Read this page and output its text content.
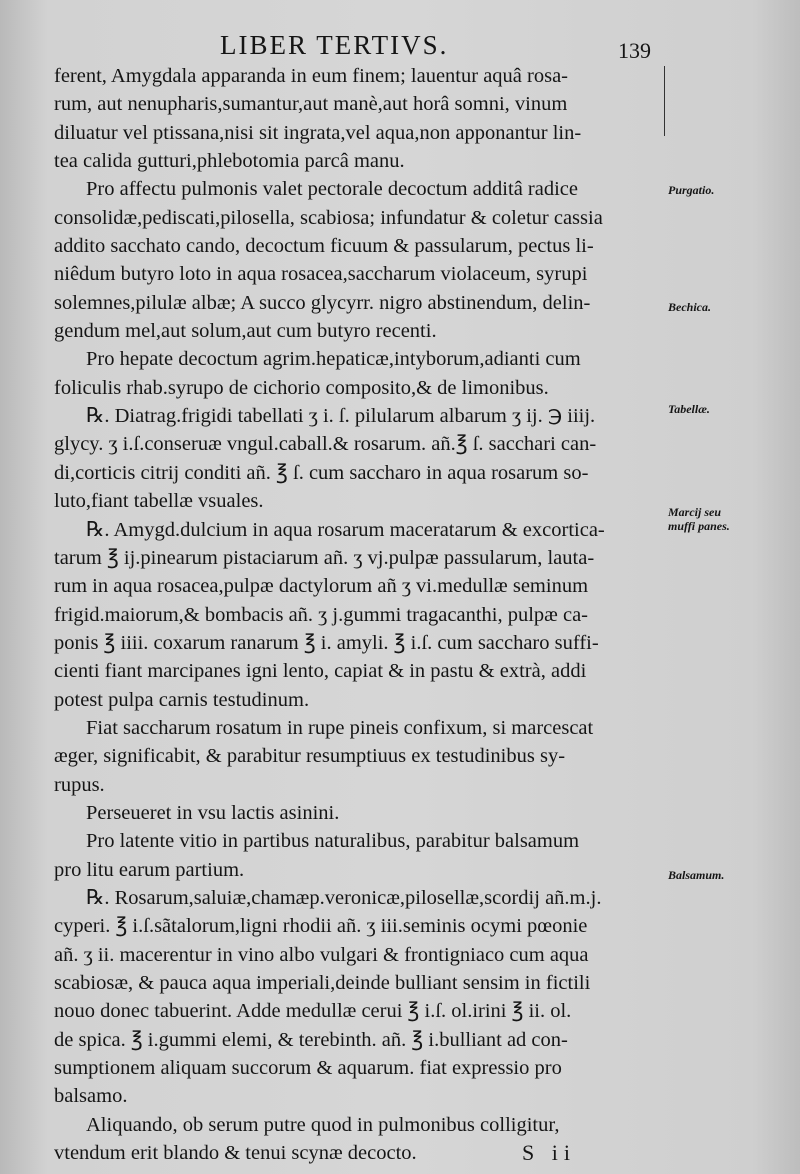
LIBER TERTIVS.	139
ferent, Amygdala apparanda in eum finem; lauentur aquâ rosa-
rum, aut nenupharis,sumantur,aut manè,aut horâ somni, vinum
diluatur vel ptissana,nisi sit ingrata,vel aqua,non apponantur lin-
tea calida gutturi,phlebotomia parcâ manu.
Pro affectu pulmonis valet pectorale decoctum additâ radice
consolidæ,pediscati,pilosella, scabiosa; infundatur & coletur cassia
addito sacchato cando, decoctum ficuum & passularum, pectus li-
niêdum butyro loto in aqua rosacea,saccharum violaceum, syrupi
solemnes,pilulæ albæ; A succo glycyrr. nigro abstinendum, delin-
gendum mel,aut solum,aut cum butyro recenti.
Pro hepate decoctum agrim.hepaticæ,intyborum,adianti cum
foliculis rhab.syrupo de cichorio composito,& de limonibus.
℞. Diatrag.frigidi tabellati ʒ i. ſ. pilularum albarum ʒ ij. ℈ iiij.
glycy. ʒ i.ſ.conseruæ vngul.caball.& rosarum. añ.℥ ſ. sacchari can-
di,corticis citrij conditi añ. ℥ ſ. cum saccharo in aqua rosarum so-
luto,fiant tabellæ vsuales.
℞. Amygd.dulcium in aqua rosarum maceratarum & excortica-
tarum ℥ ij.pinearum pistaciarum añ. ʒ vj.pulpæ passularum, lauta-
rum in aqua rosacea,pulpæ dactylorum añ ʒ vi.medullæ seminum
frigid.maiorum,& bombacis añ. ʒ j.gummi tragacanthi, pulpæ ca-
ponis ℥ iiii. coxarum ranarum ℥ i. amyli. ℥ i.ſ. cum saccharo suffi-
cienti fiant marcipanes igni lento, capiat & in pastu & extrà, addi
potest pulpa carnis testudinum.
Fiat saccharum rosatum in rupe pineis confixum, si marcescat
æger, significabit, & parabitur resumptiuus ex testudinibus sy-
rupus.
Perseueret in vsu lactis asinini.
Pro latente vitio in partibus naturalibus, parabitur balsamum
pro litu earum partium.
℞. Rosarum,saluiæ,chamæp.veronicæ,pilosellæ,scordij añ.m.j.
cyperi. ℥ i.ſ.sãtalorum,ligni rhodii añ. ʒ iii.seminis ocymi pœonie
añ. ʒ ii. macerentur in vino albo vulgari & frontigniaco cum aqua
scabiosæ, & pauca aqua imperiali,deinde bulliant sensim in fictili
nouo donec tabuerint. Adde medullæ cerui ℥ i.ſ. ol.irini ℥ ii. ol.
de spica. ℥ i.gummi elemi, & terebinth. añ. ℥ i.bulliant ad con-
sumptionem aliquam succorum & aquarum. fiat expressio pro
balsamo.
Aliquando, ob serum putre quod in pulmonibus colligitur,
vtendum erit blando & tenui scynæ decocto.
Purgatio.
Bechica.
Tabellæ.
Marcij seu muffi panes.
Balsamum.
S ii
